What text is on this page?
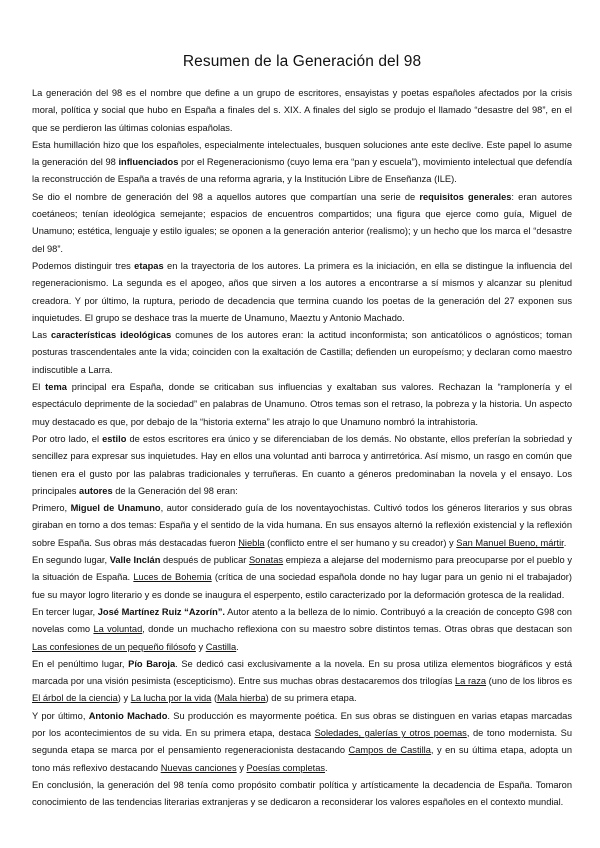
Resumen de la Generación del 98

La generación del 98 es el nombre que define a un grupo de escritores, ensayistas y poetas españoles afectados por la crisis moral, política y social que hubo en España a finales del s. XIX. A finales del siglo se produjo el llamado “desastre del 98”, en el que se perdieron las últimas colonias españolas.

Esta humillación hizo que los españoles, especialmente intelectuales, busquen soluciones ante este declive. Este papel lo asume la generación del 98 influenciados por el Regeneracionismo (cuyo lema era “pan y escuela”), movimiento intelectual que defendía la reconstrucción de España a través de una reforma agraria, y la Institución Libre de Enseñanza (ILE).

Se dio el nombre de generación del 98 a aquellos autores que compartían una serie de requisitos generales: eran autores coetáneos; tenían ideológica semejante; espacios de encuentros compartidos; una figura que ejerce como guía, Miguel de Unamuno; estética, lenguaje y estilo iguales; se oponen a la generación anterior (realismo); y un hecho que los marca el “desastre del 98”.

Podemos distinguir tres etapas en la trayectoria de los autores. La primera es la iniciación, en ella se distingue la influencia del regeneracionismo. La segunda es el apogeo, años que sirven a los autores a encontrarse a sí mismos y alcanzar su plenitud creadora. Y por último, la ruptura, periodo de decadencia que termina cuando los poetas de la generación del 27 exponen sus inquietudes. El grupo se deshace tras la muerte de Unamuno, Maeztu y Antonio Machado.

Las características ideológicas comunes de los autores eran: la actitud inconformista; son anticatólicos o agnósticos; toman posturas trascendentales ante la vida; coinciden con la exaltación de Castilla; defienden un europeísmo; y declaran como maestro indiscutible a Larra.

El tema principal era España, donde se criticaban sus influencias y exaltaban sus valores. Rechazan la “ramplonería y el espectáculo deprimente de la sociedad” en palabras de Unamuno. Otros temas son el retraso, la pobreza y la historia. Un aspecto muy destacado es que, por debajo de la “historia externa” les atrajo lo que Unamuno nombró la intrahistoria.

Por otro lado, el estilo de estos escritores era único y se diferenciaban de los demás. No obstante, ellos preferían la sobriedad y sencillez para expresar sus inquietudes. Hay en ellos una voluntad anti barroca y antirretórica. Así mismo, un rasgo en común que tienen era el gusto por las palabras tradicionales y terruñeras. En cuanto a géneros predominaban la novela y el ensayo. Los principales autores de la Generación del 98 eran:

Primero, Miguel de Unamuno, autor considerado guía de los noventayochistas. Cultivó todos los géneros literarios y sus obras giraban en torno a dos temas: España y el sentido de la vida humana. En sus ensayos alternó la reflexión existencial y la reflexión sobre España. Sus obras más destacadas fueron Niebla (conflicto entre el ser humano y su creador) y San Manuel Bueno, mártir.

En segundo lugar, Valle Inclán después de publicar Sonatas empieza a alejarse del modernismo para preocuparse por el pueblo y la situación de España. Luces de Bohemia (crítica de una sociedad española donde no hay lugar para un genio ni el trabajador) fue su mayor logro literario y es donde se inaugura el esperpento, estilo caracterizado por la deformación grotesca de la realidad.

En tercer lugar, José Martínez Ruiz “Azorín”. Autor atento a la belleza de lo nimio. Contribuyó a la creación de concepto G98 con novelas como La voluntad, donde un muchacho reflexiona con su maestro sobre distintos temas. Otras obras que destacan son Las confesiones de un pequeño filósofo y Castilla.

En el penúltimo lugar, Pío Baroja. Se dedicó casi exclusivamente a la novela. En su prosa utiliza elementos biográficos y está marcada por una visión pesimista (escepticismo). Entre sus muchas obras destacaremos dos trilogías La raza (uno de los libros es El árbol de la ciencia) y La lucha por la vida (Mala hierba) de su primera etapa.

Y por último, Antonio Machado. Su producción es mayormente poética. En sus obras se distinguen en varias etapas marcadas por los acontecimientos de su vida. En su primera etapa, destaca Soledades, galerías y otros poemas, de tono modernista. Su segunda etapa se marca por el pensamiento regeneracionista destacando Campos de Castilla, y en su última etapa, adopta un tono más reflexivo destacando Nuevas canciones y Poesías completas.

En conclusión, la generación del 98 tenía como propósito combatir política y artísticamente la decadencia de España. Tomaron conocimiento de las tendencias literarias extranjeras y se dedicaron a reconsiderar los valores españoles en el contexto mundial.
